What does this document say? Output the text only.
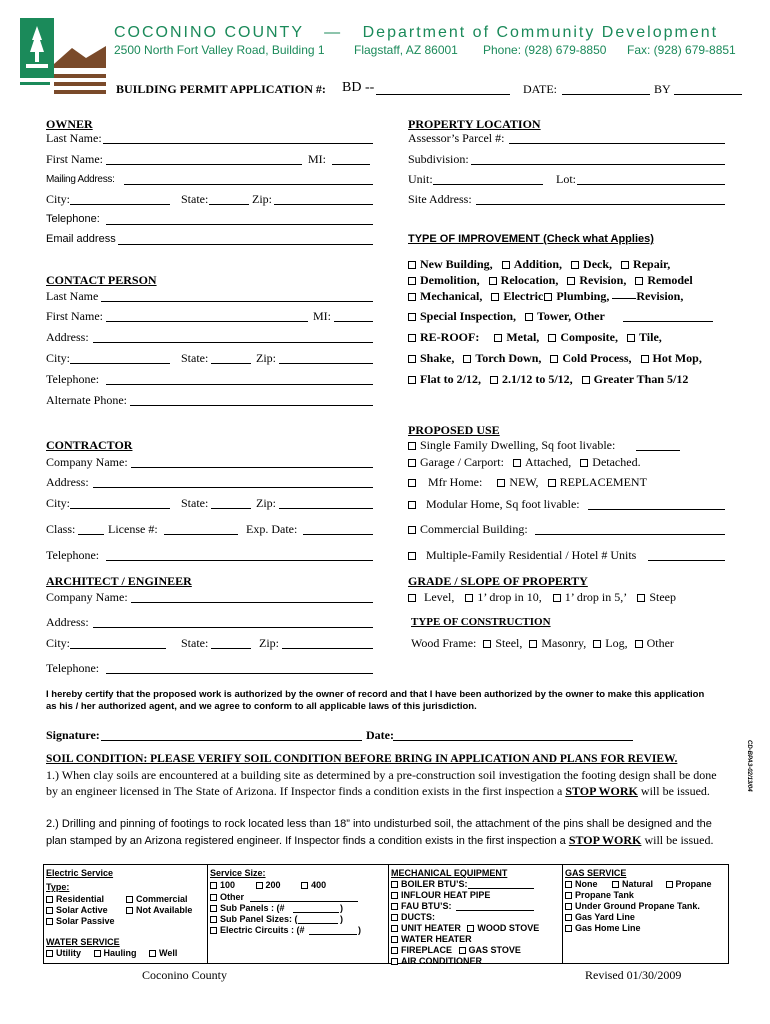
COCONINO COUNTY — Department of Community Development
2500 North Fort Valley Road, Building 1 Flagstaff, AZ 86001 Phone: (928) 679-8850 Fax: (928) 679-8851
BUILDING PERMIT APPLICATION #: BD --	DATE:	BY
OWNER
Last Name:
First Name:	MI:
Mailing Address:
City:	State:	Zip:
Telephone:
Email address
CONTACT PERSON
Last Name
First Name:	MI:
Address:
City:	State:	Zip:
Telephone:
Alternate Phone:
CONTRACTOR
Company Name:
Address:
City:	State:	Zip:
Class:	License #:	Exp. Date:
Telephone:
ARCHITECT / ENGINEER
Company Name:
Address:
City:	State:	Zip:
Telephone:
PROPERTY LOCATION
Assessor’s Parcel #:
Subdivision:
Unit:	Lot:
Site Address:
TYPE OF IMPROVEMENT (Check what Applies)
New Building, Addition, Deck, Repair,
Demolition, Relocation, Revision, Remodel
Mechanical, Electric Plumbing, Revision,
Special Inspection, Tower, Other
RE-ROOF: Metal, Composite, Tile,
Shake, Torch Down, Cold Process, Hot Mop,
Flat to 2/12, 2.1/12 to 5/12, Greater Than 5/12
PROPOSED USE
Single Family Dwelling, Sq foot livable:
Garage / Carport: Attached, Detached.
Mfr Home: NEW, REPLACEMENT
Modular Home, Sq foot livable:
Commercial Building:
Multiple-Family Residential / Hotel # Units
GRADE / SLOPE OF PROPERTY
Level, 1’ drop in 10, 1’ drop in 5,’ Steep
TYPE OF CONSTRUCTION
Wood Frame: Steel, Masonry, Log, Other
I hereby certify that the proposed work is authorized by the owner of record and that I have been authorized by the owner to make this application as his / her authorized agent, and we agree to conform to all applicable laws of this jurisdiction.
CD-BPA3-02/13/04
Signature:	Date:
SOIL CONDITION: PLEASE VERIFY SOIL CONDITION BEFORE BRING IN APPLICATION AND PLANS FOR REVIEW.
1.) When clay soils are encountered at a building site as determined by a pre-construction soil investigation the footing design shall be done by an engineer licensed in The State of Arizona. If Inspector finds a condition exists in the first inspection a STOP WORK will be issued.
2.) Drilling and pinning of footings to rock located less than 18” into undisturbed soil, the attachment of the pins shall be designed and the plan stamped by an Arizona registered engineer. If Inspector finds a condition exists in the first inspection a STOP WORK will be issued.
Electric Service
Type:
Residential	Commercial
Solar Active	Not Available
Solar Passive
WATER SERVICE
Utility	Hauling	Well
Service Size:
100	200	400
Other
Sub Panels : (#	)
Sub Panel Sizes: (	)
Electric Circuits : (#	)
MECHANICAL EQUIPMENT
BOILER BTU’S:
INFLOUR HEAT PIPE
FAU BTU’S:
DUCTS:
UNIT HEATER WOOD STOVE
WATER HEATER
FIREPLACE GAS STOVE
AIR CONDITIONER
GAS SERVICE
None	Natural	Propane
Propane Tank
Under Ground Propane Tank.
Gas Yard Line
Gas Home Line
Coconino County	Revised 01/30/2009
